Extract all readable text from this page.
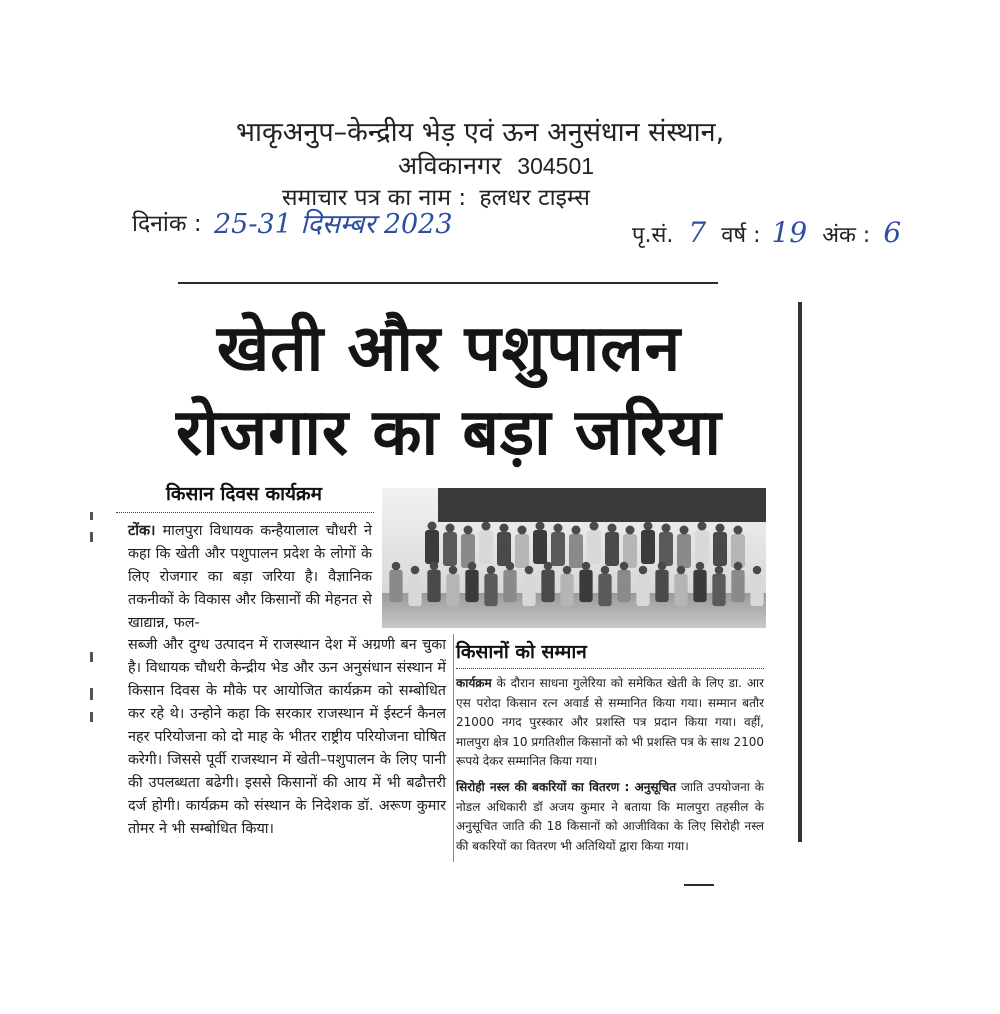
भाकृअनुप–केन्द्रीय भेड़ एवं ऊन अनुसंधान संस्थान,
अविकानगर 304501
समाचार पत्र का नाम : हलधर टाइम्स
दिनांक : 25-31 दिसम्बर 2023	पृ.सं. 7 वर्ष : 19 अंक : 6
खेती और पशुपालन
रोजगार का बड़ा जरिया
किसान दिवस कार्यक्रम
टोंक। मालपुरा विधायक कन्हैयालाल चौधरी ने कहा कि खेती और पशुपालन प्रदेश के लोगों के लिए रोजगार का बड़ा जरिया है। वैज्ञानिक तकनीकों के विकास और किसानों की मेहनत से खाद्यान्न, फल-
सब्जी और दुग्ध उत्पादन में राजस्थान देश में अग्रणी बन चुका है। विधायक चौधरी केन्द्रीय भेड और ऊन अनुसंधान संस्थान में किसान दिवस के मौके पर आयोजित कार्यक्रम को सम्बोधित कर रहे थे। उन्होने कहा कि सरकार राजस्थान में ईस्टर्न कैनल नहर परियोजना को दो माह के भीतर राष्ट्रीय परियोजना घोषित करेगी। जिससे पूर्वी राजस्थान में खेती–पशुपालन के लिए पानी की उपलब्धता बढेगी। इससे किसानों की आय में भी बढौत्तरी दर्ज होगी। कार्यक्रम को संस्थान के निदेशक डॉ. अरूण कुमार तोमर ने भी सम्बोधित किया।
किसानों को सम्मान
कार्यक्रम के दौरान साधना गुलेरिया को समेकित खेती के लिए डा. आर एस परोदा किसान रत्न अवार्ड से सम्मानित किया गया। सम्मान बतौर 21000 नगद पुरस्कार और प्रशस्ति पत्र प्रदान किया गया। वहीं, मालपुरा क्षेत्र 10 प्रगतिशील किसानों को भी प्रशस्ति पत्र के साथ 2100 रूपये देकर सम्मानित किया गया।
सिरोही नस्ल की बकरियों का वितरण : अनुसूचित जाति उपयोजना के नोडल अधिकारी डॉ अजय कुमार ने बताया कि मालपुरा तहसील के अनुसूचित जाति की 18 किसानों को आजीविका के लिए सिरोही नस्ल की बकरियों का वितरण भी अतिथियों द्वारा किया गया।
